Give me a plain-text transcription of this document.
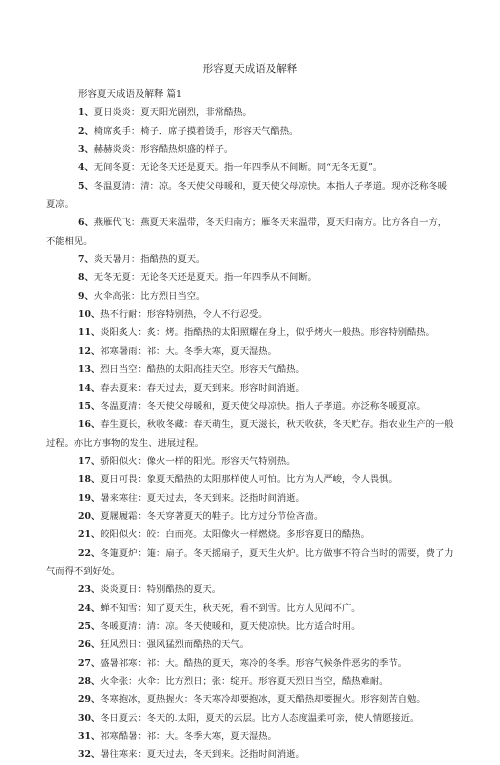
形容夏天成语及解释

形容夏天成语及解释 篇1

1、夏日炎炎：夏天阳光剧烈，非常酷热。

2、椅席炙手：椅子．席子摸着烫手，形容天气酷热。

3、赫赫炎炎：形容酷热炽盛的样子。

4、无间冬夏：无论冬天还是夏天。指一年四季从不间断。同“无冬无夏”。

5、冬温夏清：清：凉。冬天使父母暖和，夏天使父母凉快。本指人子孝道。现亦泛称冬暖夏凉。

6、燕雁代飞：燕夏天来温带，冬天归南方；雁冬天来温带，夏天归南方。比方各自一方，不能相见。

7、炎天暑月：指酷热的夏天。

8、无冬无夏：无论冬天还是夏天。指一年四季从不间断。

9、火伞高张：比方烈日当空。

10、热不行耐：形容特别热，令人不行忍受。

11、炎阳炙人：炙：烤。指酷热的太阳照耀在身上，似乎烤火一般热。形容特别酷热。

12、祁寒暑雨：祁：大。冬季大寒，夏天湿热。

13、烈日当空：酷热的太阳高挂天空。形容天气酷热。

14、春去夏来：春天过去，夏天到来。形容时间消逝。

15、冬温夏清：冬天使父母暖和，夏天使父母凉快。指人子孝道。亦泛称冬暖夏凉。

16、春生夏长，秋收冬藏：春天萌生，夏天滋长，秋天收获，冬天贮存。指农业生产的一般过程。亦比方事物的发生、进展过程。

17、骄阳似火：像火一样的阳光。形容天气特别热。

18、夏日可畏：象夏天酷热的太阳那样使人可怕。比方为人严峻，令人畏惧。

19、暑来寒往：夏天过去，冬天到来。泛指时间消逝。

20、夏屦履霜：冬天穿著夏天的鞋子。比方过分节俭吝啬。

21、皎阳似火：皎：白而亮。太阳像火一样燃烧。多形容夏日的酷热。

22、冬箑夏炉：箑：扇子。冬天摇扇子，夏天生火炉。比方做事不符合当时的需要，费了力气而得不到好处。

23、炎炎夏日：特别酷热的夏天。

24、蝉不知雪：知了夏天生，秋天死，看不到雪。比方人见闻不广。

25、冬暖夏清：清：凉。冬天使暖和，夏天使凉快。比方适合时用。

26、狂风烈日：强风猛烈而酷热的天气。

27、盛暑祁寒：祁：大。酷热的夏天，寒冷的冬季。形容气候条件恶劣的季节。

28、火伞张：火伞：比方烈日；张：绽开。形容夏天烈日当空，酷热难耐。

29、冬寒抱冰，夏热握火：冬天寒冷却要抱冰，夏天酷热却要握火。形容刻苦自勉。

30、冬日夏云：冬天的.太阳，夏天的云层。比方人态度温柔可亲，使人情愿接近。

31、祁寒酷暑：祁：大。冬季大寒，夏天湿热。

32、暑往寒来：夏天过去，冬天到来。泛指时间消逝。
